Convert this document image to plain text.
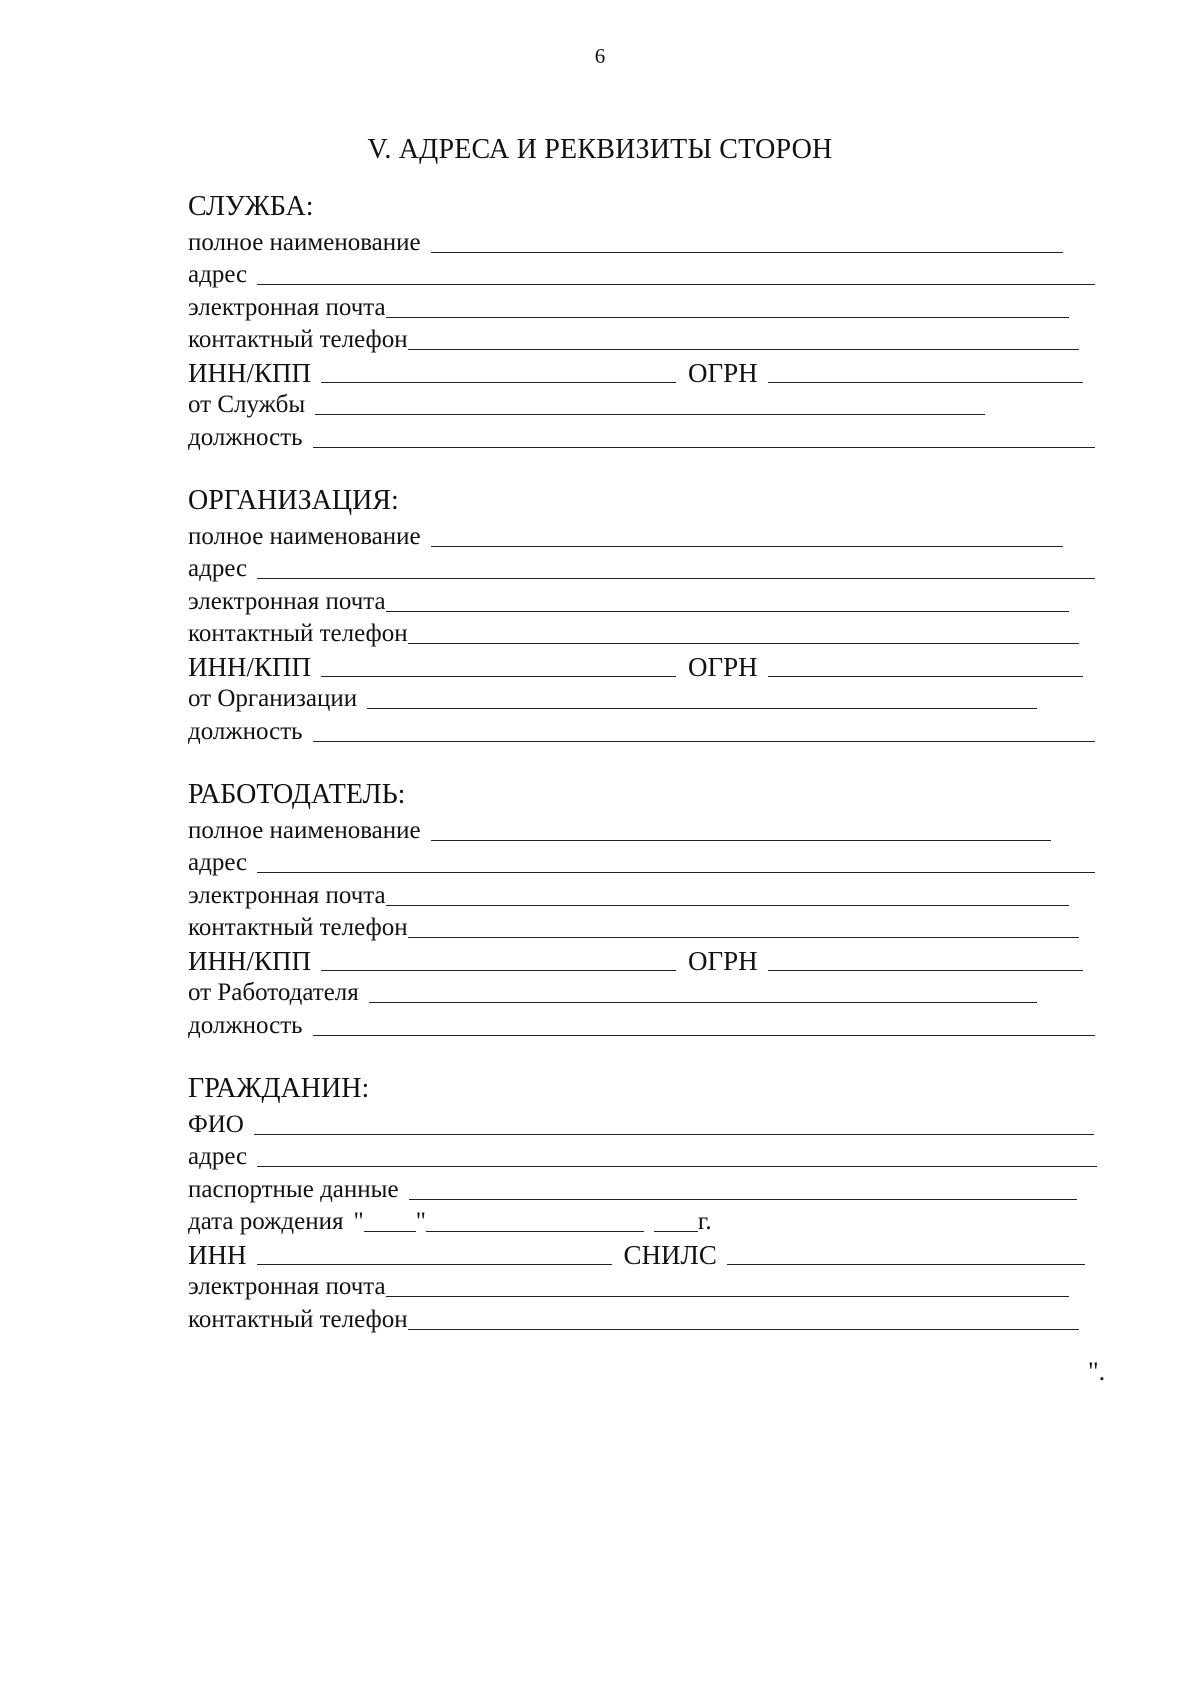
6
V. АДРЕСА И РЕКВИЗИТЫ СТОРОН
СЛУЖБА:
полное наименование
адрес
электронная почта
контактный телефон
ИНН/КПП	ОГРН
от Службы
должность
ОРГАНИЗАЦИЯ:
полное наименование
адрес
электронная почта
контактный телефон
ИНН/КПП	ОГРН
от Организации
должность
РАБОТОДАТЕЛЬ:
полное наименование
адрес
электронная почта
контактный телефон
ИНН/КПП	ОГРН
от Работодателя
должность
ГРАЖДАНИН:
ФИО
адрес
паспортные данные
дата рождения " "	г.
ИНН	СНИЛС
электронная почта
контактный телефон
".
